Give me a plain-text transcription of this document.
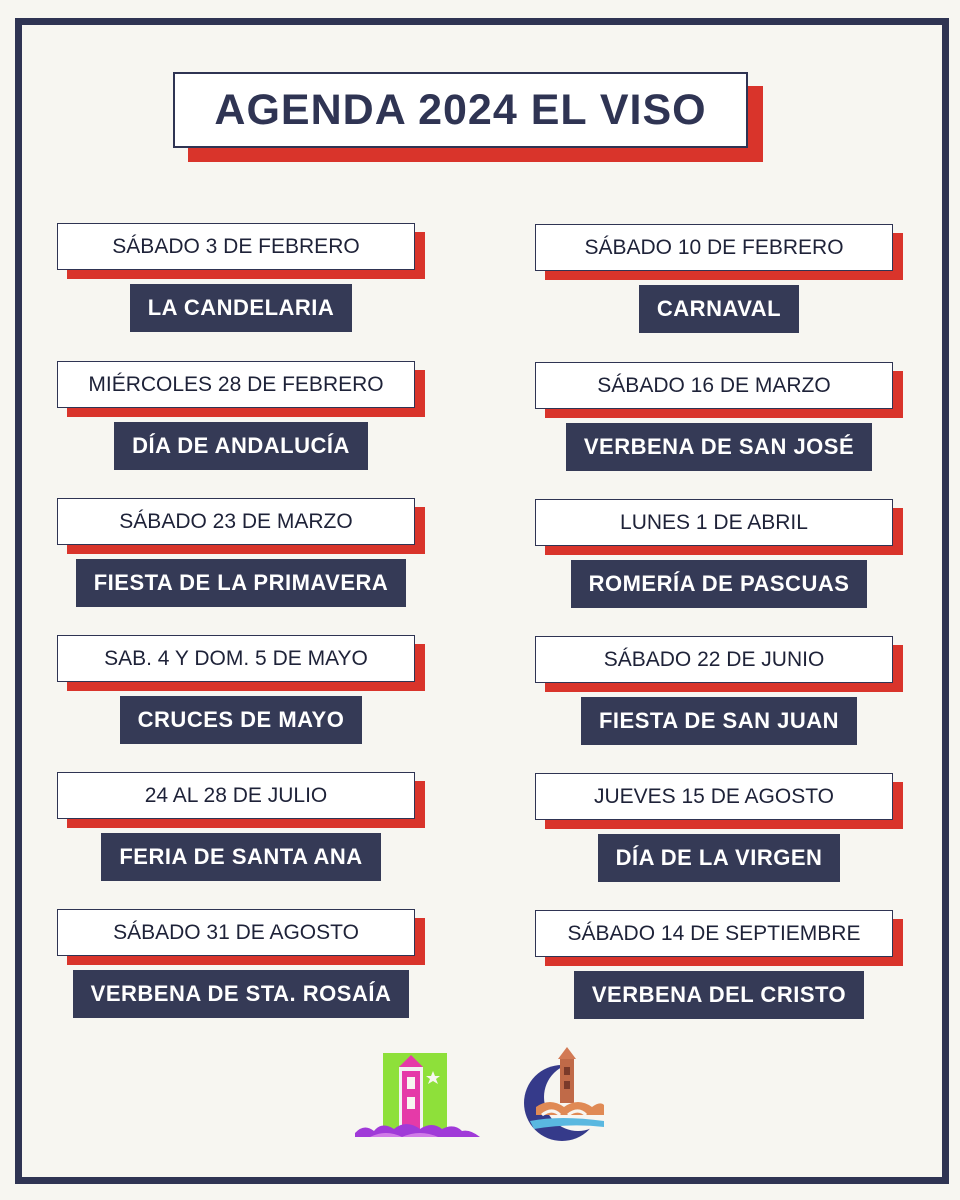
AGENDA 2024 EL VISO
SÁBADO 3 DE FEBRERO
LA CANDELARIA
MIÉRCOLES 28 DE FEBRERO
DÍA DE ANDALUCÍA
SÁBADO 23 DE MARZO
FIESTA DE LA PRIMAVERA
SAB. 4 Y DOM. 5 DE MAYO
CRUCES DE MAYO
24 AL 28 DE JULIO
FERIA DE SANTA ANA
SÁBADO 31 DE AGOSTO
VERBENA DE STA. ROSAÍA
SÁBADO 10 DE FEBRERO
CARNAVAL
SÁBADO 16 DE MARZO
VERBENA DE SAN JOSÉ
LUNES 1 DE ABRIL
ROMERÍA DE PASCUAS
SÁBADO 22 DE JUNIO
FIESTA DE SAN JUAN
JUEVES 15 DE AGOSTO
DÍA DE LA VIRGEN
SÁBADO 14 DE SEPTIEMBRE
VERBENA DEL CRISTO
